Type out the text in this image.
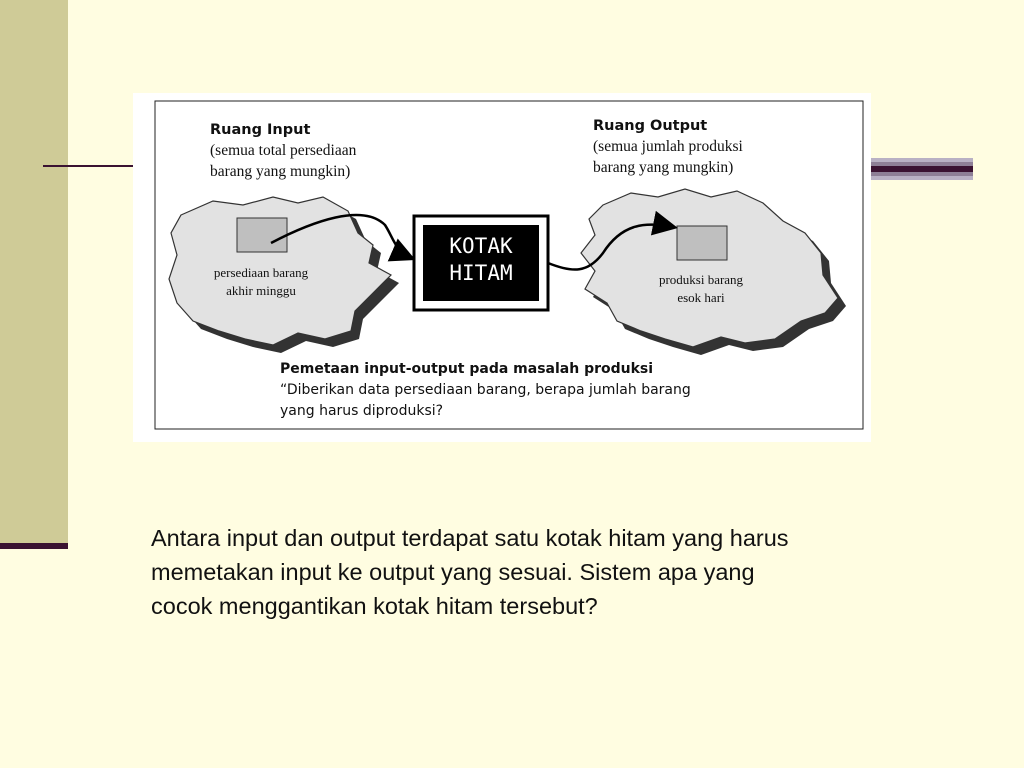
KOTAK
HITAM
Ruang Input
(semua total persediaan
barang yang mungkin)
persediaan barang
akhir minggu
Ruang Output
(semua jumlah produksi
barang yang mungkin)
produksi barang
esok hari
Pemetaan input-output pada masalah produksi
“Diberikan data persediaan barang, berapa jumlah barang
yang harus diproduksi?
Antara input dan output terdapat satu kotak hitam yang harus
memetakan input ke output yang sesuai. Sistem apa yang
cocok menggantikan kotak hitam tersebut?
